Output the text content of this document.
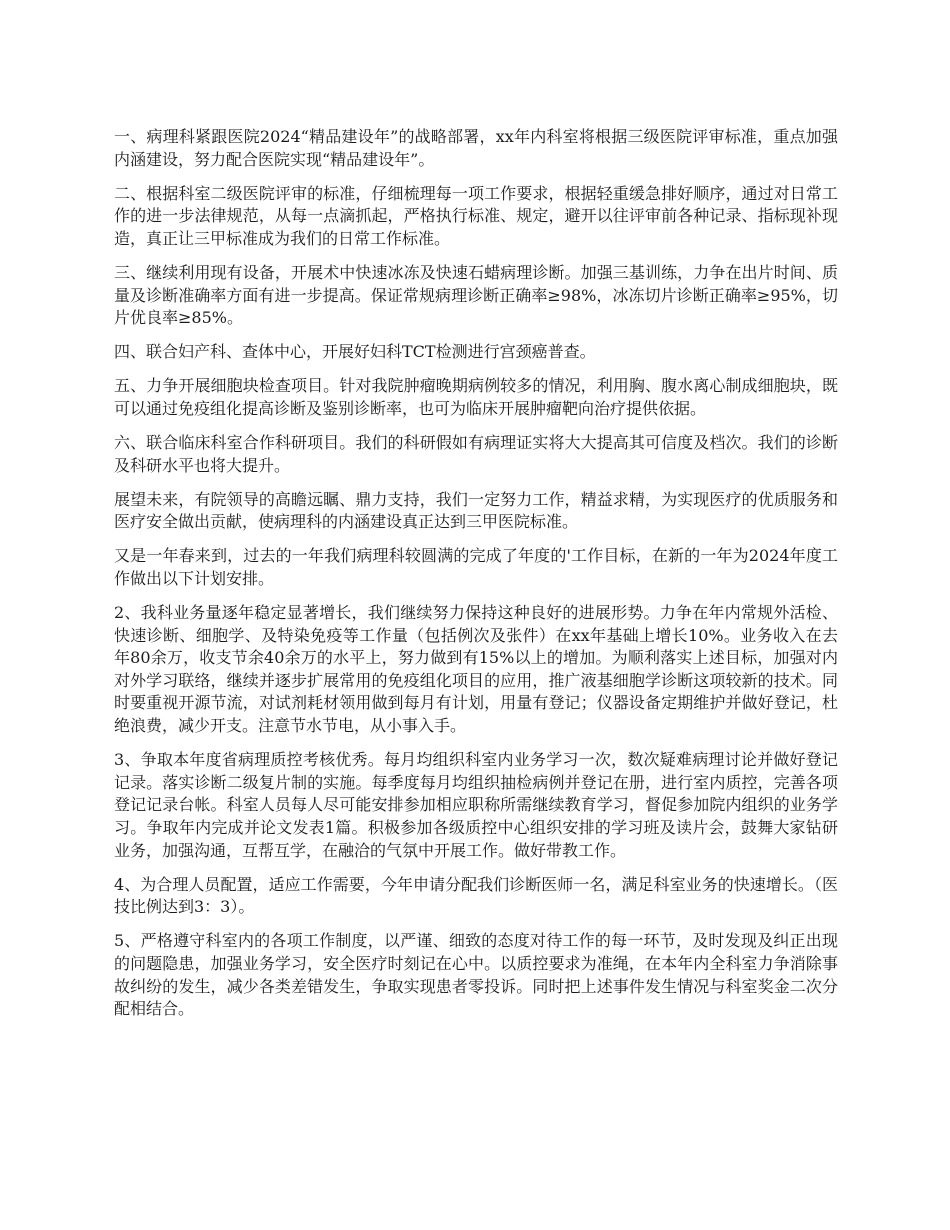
一、病理科紧跟医院2024“精品建设年”的战略部署，xx年内科室将根据三级医院评审标准，重点加强内涵建设，努力配合医院实现“精品建设年”。

二、根据科室二级医院评审的标准，仔细梳理每一项工作要求，根据轻重缓急排好顺序，通过对日常工作的进一步法律规范，从每一点滴抓起，严格执行标准、规定，避开以往评审前各种记录、指标现补现造，真正让三甲标准成为我们的日常工作标准。

三、继续利用现有设备，开展术中快速冰冻及快速石蜡病理诊断。加强三基训练，力争在出片时间、质量及诊断准确率方面有进一步提高。保证常规病理诊断正确率≥98%，冰冻切片诊断正确率≥95%，切片优良率≥85%。

四、联合妇产科、查体中心，开展好妇科TCT检测进行宫颈癌普查。

五、力争开展细胞块检查项目。针对我院肿瘤晚期病例较多的情况，利用胸、腹水离心制成细胞块，既可以通过免疫组化提高诊断及鉴别诊断率，也可为临床开展肿瘤靶向治疗提供依据。

六、联合临床科室合作科研项目。我们的科研假如有病理证实将大大提高其可信度及档次。我们的诊断及科研水平也将大提升。

展望未来，有院领导的高瞻远瞩、鼎力支持，我们一定努力工作，精益求精，为实现医疗的优质服务和医疗安全做出贡献，使病理科的内涵建设真正达到三甲医院标准。

又是一年春来到，过去的一年我们病理科较圆满的完成了年度的'工作目标，在新的一年为2024年度工作做出以下计划安排。

2、我科业务量逐年稳定显著增长，我们继续努力保持这种良好的进展形势。力争在年内常规外活检、快速诊断、细胞学、及特染免疫等工作量（包括例次及张件）在xx年基础上增长10%。业务收入在去年80余万，收支节余40余万的水平上，努力做到有15%以上的增加。为顺利落实上述目标，加强对内对外学习联络，继续并逐步扩展常用的免疫组化项目的应用，推广液基细胞学诊断这项较新的技术。同时要重视开源节流，对试剂耗材领用做到每月有计划，用量有登记；仪器设备定期维护并做好登记，杜绝浪费，减少开支。注意节水节电，从小事入手。

3、争取本年度省病理质控考核优秀。每月均组织科室内业务学习一次，数次疑难病理讨论并做好登记记录。落实诊断二级复片制的实施。每季度每月均组织抽检病例并登记在册，进行室内质控，完善各项登记记录台帐。科室人员每人尽可能安排参加相应职称所需继续教育学习，督促参加院内组织的业务学习。争取年内完成并论文发表1篇。积极参加各级质控中心组织安排的学习班及读片会，鼓舞大家钻研业务，加强沟通，互帮互学，在融洽的气氛中开展工作。做好带教工作。

4、为合理人员配置，适应工作需要，今年申请分配我们诊断医师一名，满足科室业务的快速增长。（医技比例达到3：3）。

5、严格遵守科室内的各项工作制度，以严谨、细致的态度对待工作的每一环节，及时发现及纠正出现的问题隐患，加强业务学习，安全医疗时刻记在心中。以质控要求为准绳，在本年内全科室力争消除事故纠纷的发生，减少各类差错发生，争取实现患者零投诉。同时把上述事件发生情况与科室奖金二次分配相结合。
